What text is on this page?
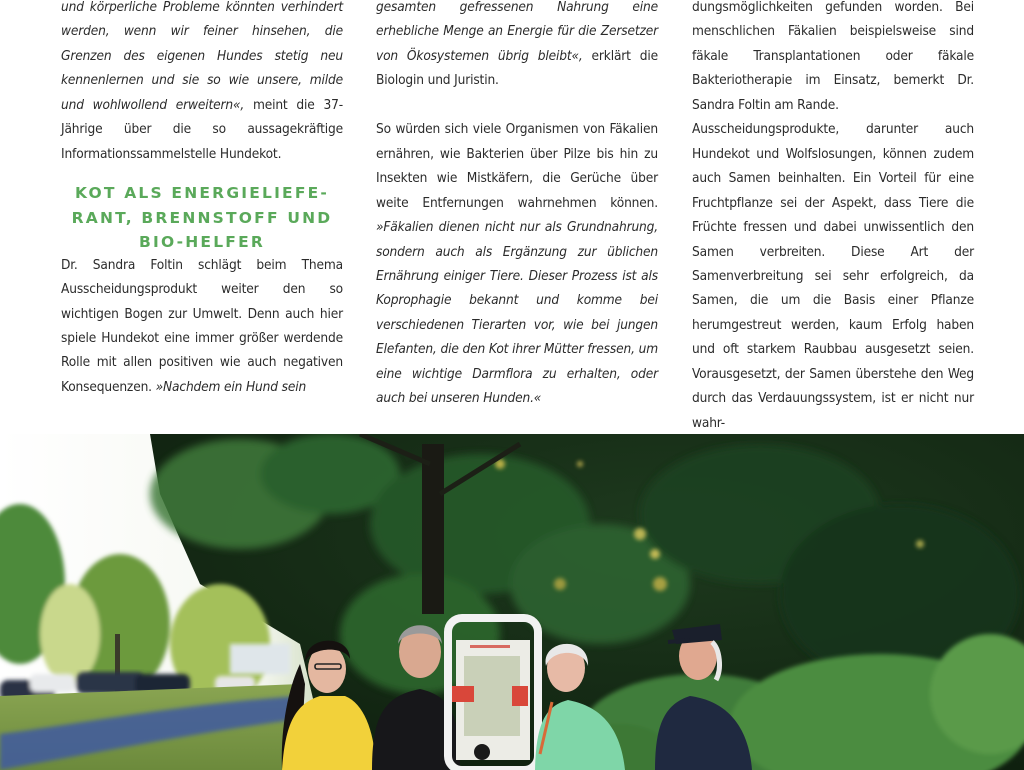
und körperliche Probleme könnten verhindert werden, wenn wir feiner hinsehen, die Grenzen des eigenen Hundes stetig neu kennenlernen und sie so wie unsere, milde und wohlwollend erweitern«, meint die 37-Jährige über die so aussagekräftige Informationssammelstelle Hundekot.

KOT ALS ENERGIELIEFE-
RANT, BRENNSTOFF UND
BIO-HELFER

Dr. Sandra Foltin schlägt beim Thema Ausscheidungsprodukt weiter den so wichtigen Bogen zur Umwelt. Denn auch hier spiele Hundekot eine immer größer werdende Rolle mit allen positiven wie auch negativen Konsequenzen. »Nachdem ein Hund sein

gesamten gefressenen Nahrung eine erhebliche Menge an Energie für die Zersetzer von Ökosystemen übrig bleibt«, erklärt die Biologin und Juristin.

So würden sich viele Organismen von Fäkalien ernähren, wie Bakterien über Pilze bis hin zu Insekten wie Mistkäfern, die Gerüche über weite Entfernungen wahrnehmen können. »Fäkalien dienen nicht nur als Grundnahrung, sondern auch als Ergänzung zur üblichen Ernährung einiger Tiere. Dieser Prozess ist als Koprophagie bekannt und komme bei verschiedenen Tierarten vor, wie bei jungen Elefanten, die den Kot ihrer Mütter fressen, um eine wichtige Darmflora zu erhalten, oder auch bei unseren Hunden.«

dungsmöglichkeiten gefunden worden. Bei menschlichen Fäkalien beispielsweise sind fäkale Transplantationen oder fäkale Bakteriotherapie im Einsatz, bemerkt Dr. Sandra Foltin am Rande.

Ausscheidungsprodukte, darunter auch Hundekot und Wolfslosungen, können zudem auch Samen beinhalten. Ein Vorteil für eine Fruchtpflanze sei der Aspekt, dass Tiere die Früchte fressen und dabei unwissentlich den Samen verbreiten. Diese Art der Samenverbreitung sei sehr erfolgreich, da Samen, die um die Basis einer Pflanze herumgestreut werden, kaum Erfolg haben und oft starkem Raubbau ausgesetzt seien. Vorausgesetzt, der Samen überstehe den Weg durch das Verdauungssystem, ist er nicht nur wahr-
